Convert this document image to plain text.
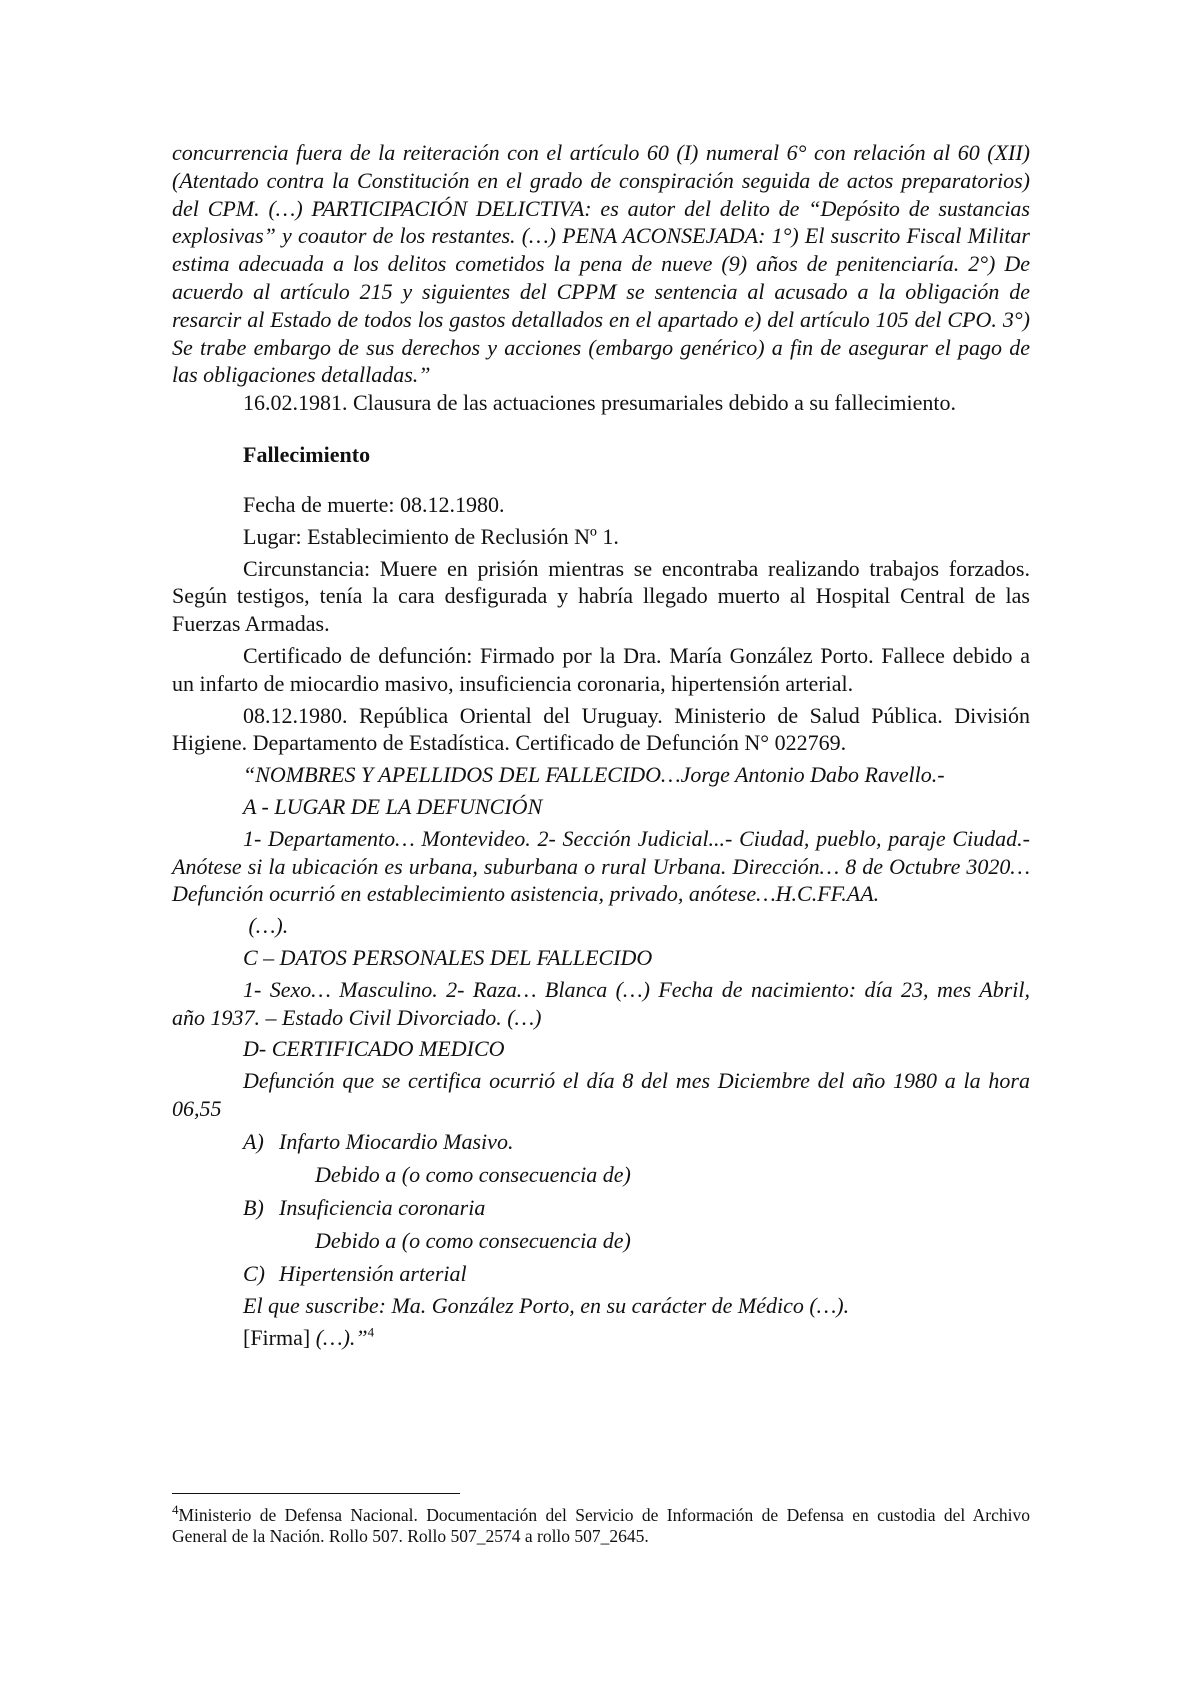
concurrencia fuera de la reiteración con el artículo 60 (I) numeral 6° con relación al 60 (XII) (Atentado contra la Constitución en el grado de conspiración seguida de actos preparatorios) del CPM. (…) PARTICIPACIÓN DELICTIVA: es autor del delito de “Depósito de sustancias explosivas” y coautor de los restantes. (…) PENA ACONSEJADA: 1°) El suscrito Fiscal Militar estima adecuada a los delitos cometidos la pena de nueve (9) años de penitenciaría. 2°) De acuerdo al artículo 215 y siguientes del CPPM se sentencia al acusado a la obligación de resarcir al Estado de todos los gastos detallados en el apartado e) del artículo 105 del CPO. 3°) Se trabe embargo de sus derechos y acciones (embargo genérico) a fin de asegurar el pago de las obligaciones detalladas.”

16.02.1981. Clausura de las actuaciones presumariales debido a su fallecimiento.

Fallecimiento

Fecha de muerte: 08.12.1980.

Lugar: Establecimiento de Reclusión Nº 1.

Circunstancia: Muere en prisión mientras se encontraba realizando trabajos forzados. Según testigos, tenía la cara desfigurada y habría llegado muerto al Hospital Central de las Fuerzas Armadas.

Certificado de defunción: Firmado por la Dra. María González Porto. Fallece debido a un infarto de miocardio masivo, insuficiencia coronaria, hipertensión arterial.

08.12.1980. República Oriental del Uruguay. Ministerio de Salud Pública. División Higiene. Departamento de Estadística. Certificado de Defunción N° 022769.

“NOMBRES Y APELLIDOS DEL FALLECIDO…Jorge Antonio Dabo Ravello.-

A - LUGAR DE LA DEFUNCIÓN

1- Departamento… Montevideo. 2- Sección Judicial...- Ciudad, pueblo, paraje Ciudad.- Anótese si la ubicación es urbana, suburbana o rural Urbana. Dirección… 8 de Octubre 3020… Defunción ocurrió en establecimiento asistencia, privado, anótese…H.C.FF.AA.

(…).

C – DATOS PERSONALES DEL FALLECIDO

1- Sexo… Masculino. 2- Raza… Blanca (…) Fecha de nacimiento: día 23, mes Abril, año 1937. – Estado Civil Divorciado. (…)

D- CERTIFICADO MEDICO

Defunción que se certifica ocurrió el día 8 del mes Diciembre del año 1980 a la hora 06,55

A) Infarto Miocardio Masivo.

Debido a (o como consecuencia de)

B) Insuficiencia coronaria

Debido a (o como consecuencia de)

C) Hipertensión arterial

El que suscribe: Ma. González Porto, en su carácter de Médico (…).

[Firma] (…).”$^4$

$^4$Ministerio de Defensa Nacional. Documentación del Servicio de Información de Defensa en custodia del Archivo General de la Nación. Rollo 507. Rollo 507_2574 a rollo 507_2645.
